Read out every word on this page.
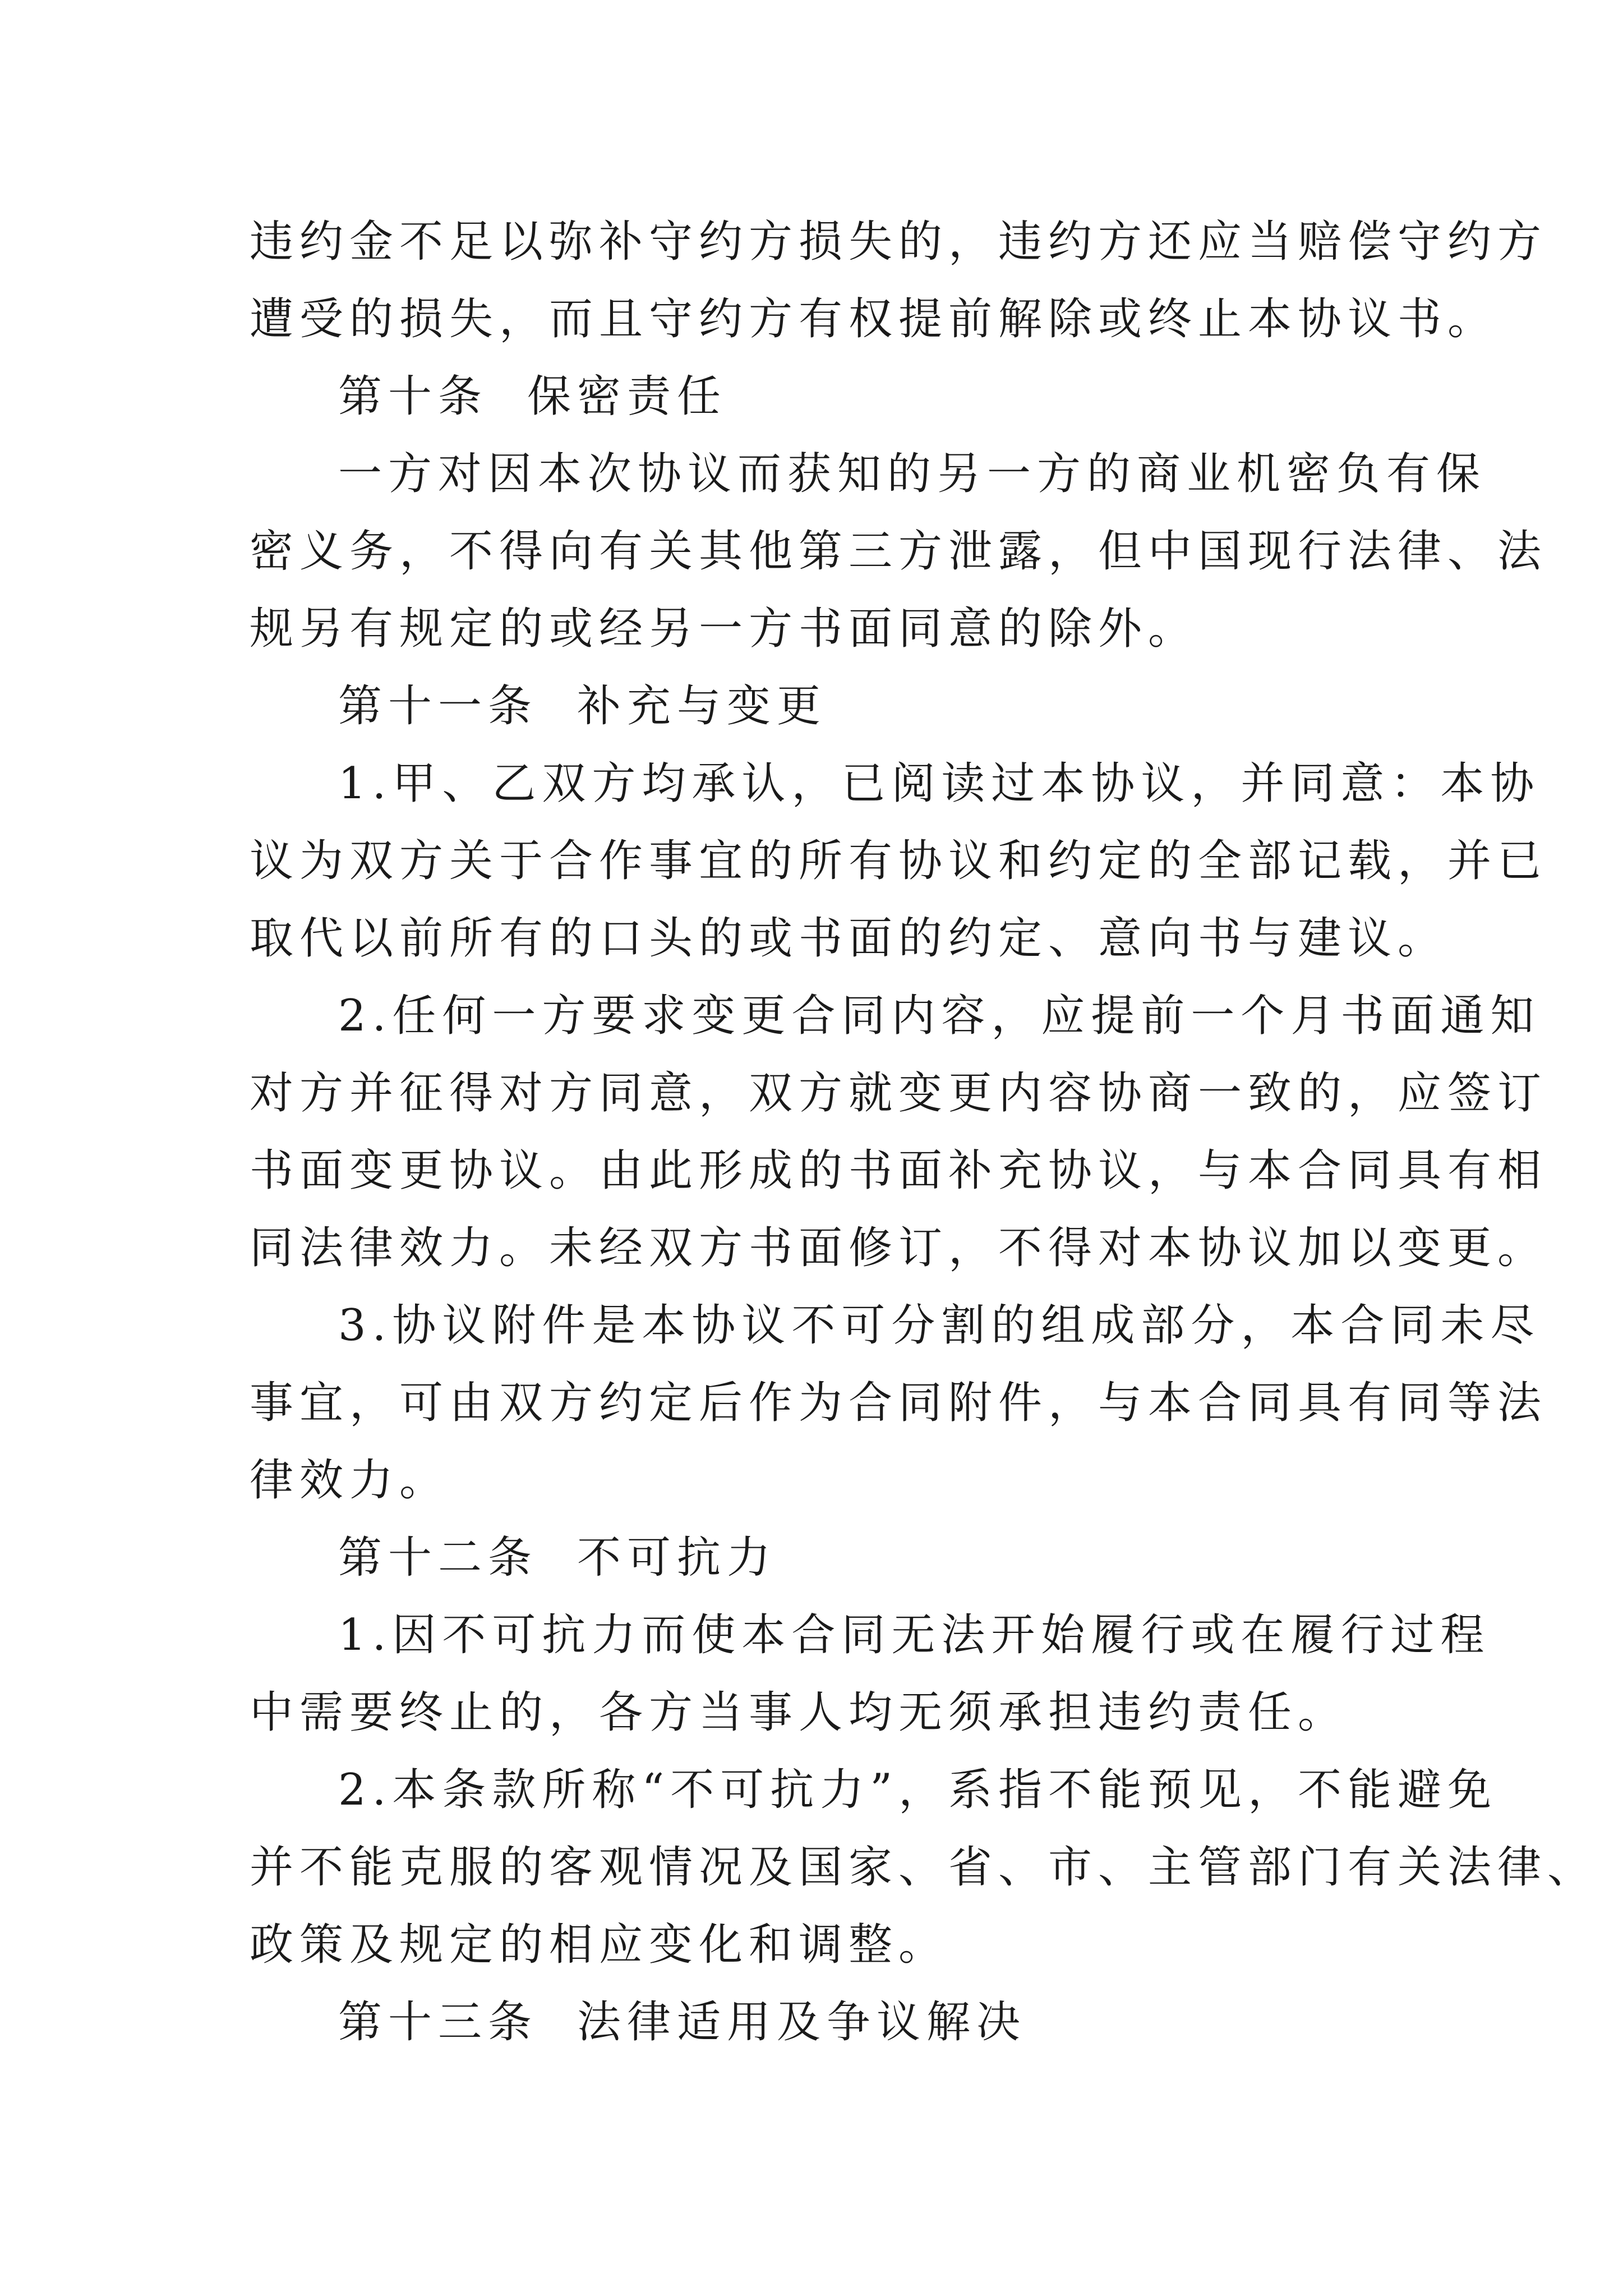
违约金不足以弥补守约方损失的，违约方还应当赔偿守约方
遭受的损失，而且守约方有权提前解除或终止本协议书。
第十条 保密责任
一方对因本次协议而获知的另一方的商业机密负有保
密义务，不得向有关其他第三方泄露，但中国现行法律、法
规另有规定的或经另一方书面同意的除外。
第十一条 补充与变更
1.甲、乙双方均承认，已阅读过本协议，并同意：本协
议为双方关于合作事宜的所有协议和约定的全部记载，并已
取代以前所有的口头的或书面的约定、意向书与建议。
2.任何一方要求变更合同内容，应提前一个月书面通知
对方并征得对方同意，双方就变更内容协商一致的，应签订
书面变更协议。由此形成的书面补充协议，与本合同具有相
同法律效力。未经双方书面修订，不得对本协议加以变更。
3.协议附件是本协议不可分割的组成部分，本合同未尽
事宜，可由双方约定后作为合同附件，与本合同具有同等法
律效力。
第十二条 不可抗力
1.因不可抗力而使本合同无法开始履行或在履行过程
中需要终止的，各方当事人均无须承担违约责任。
2.本条款所称“不可抗力”，系指不能预见，不能避免
并不能克服的客观情况及国家、省、市、主管部门有关法律、
政策及规定的相应变化和调整。
第十三条 法律适用及争议解决
